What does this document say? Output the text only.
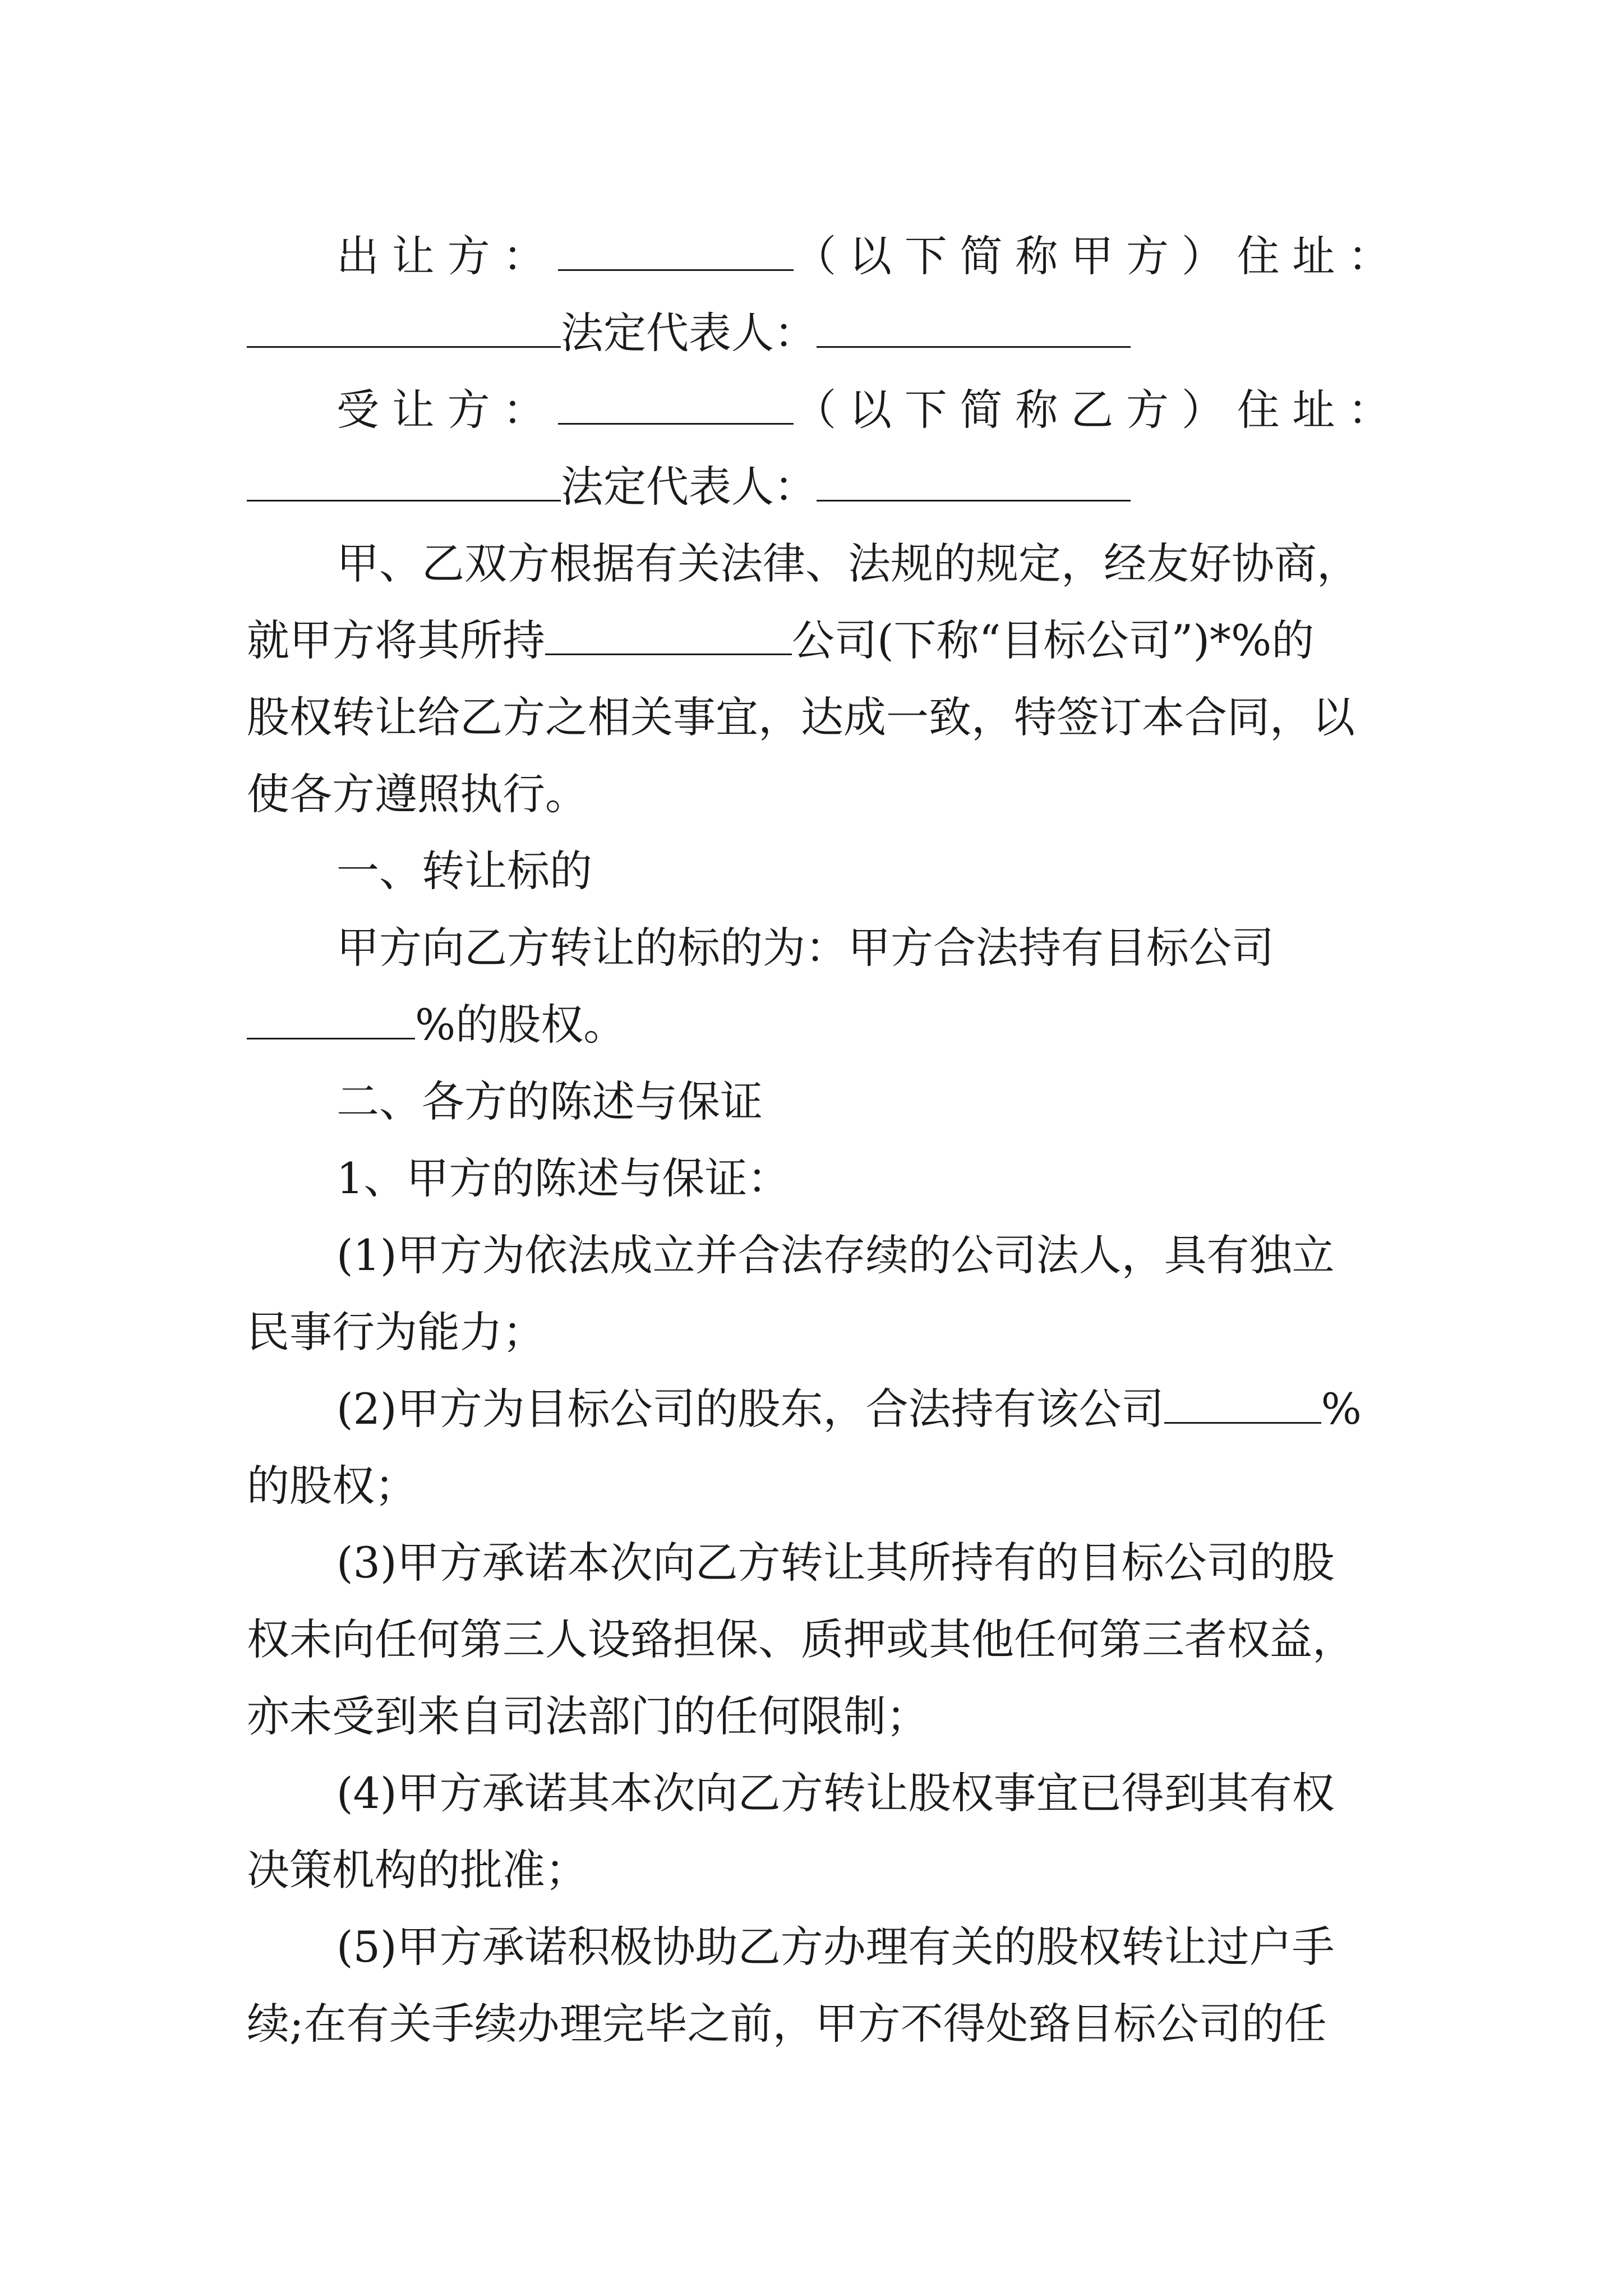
出让方：	（以下简称甲方）住址：
法定代表人：
受让方：	（以下简称乙方）住址：
法定代表人：
甲、乙双方根据有关法律、法规的规定，经友好协商，
就甲方将其所持	公司(下称“目标公司”)*%的
股权转让给乙方之相关事宜，达成一致，特签订本合同，以
使各方遵照执行。
一、转让标的
甲方向乙方转让的标的为：甲方合法持有目标公司
%的股权。
二、各方的陈述与保证
1、甲方的陈述与保证：
(1)甲方为依法成立并合法存续的公司法人，具有独立
民事行为能力；
(2)甲方为目标公司的股东，合法持有该公司	%
的股权；
(3)甲方承诺本次向乙方转让其所持有的目标公司的股
权未向任何第三人设臵担保、质押或其他任何第三者权益，
亦未受到来自司法部门的任何限制；
(4)甲方承诺其本次向乙方转让股权事宜已得到其有权
决策机构的批准；
(5)甲方承诺积极协助乙方办理有关的股权转让过户手
续;在有关手续办理完毕之前，甲方不得处臵目标公司的任
